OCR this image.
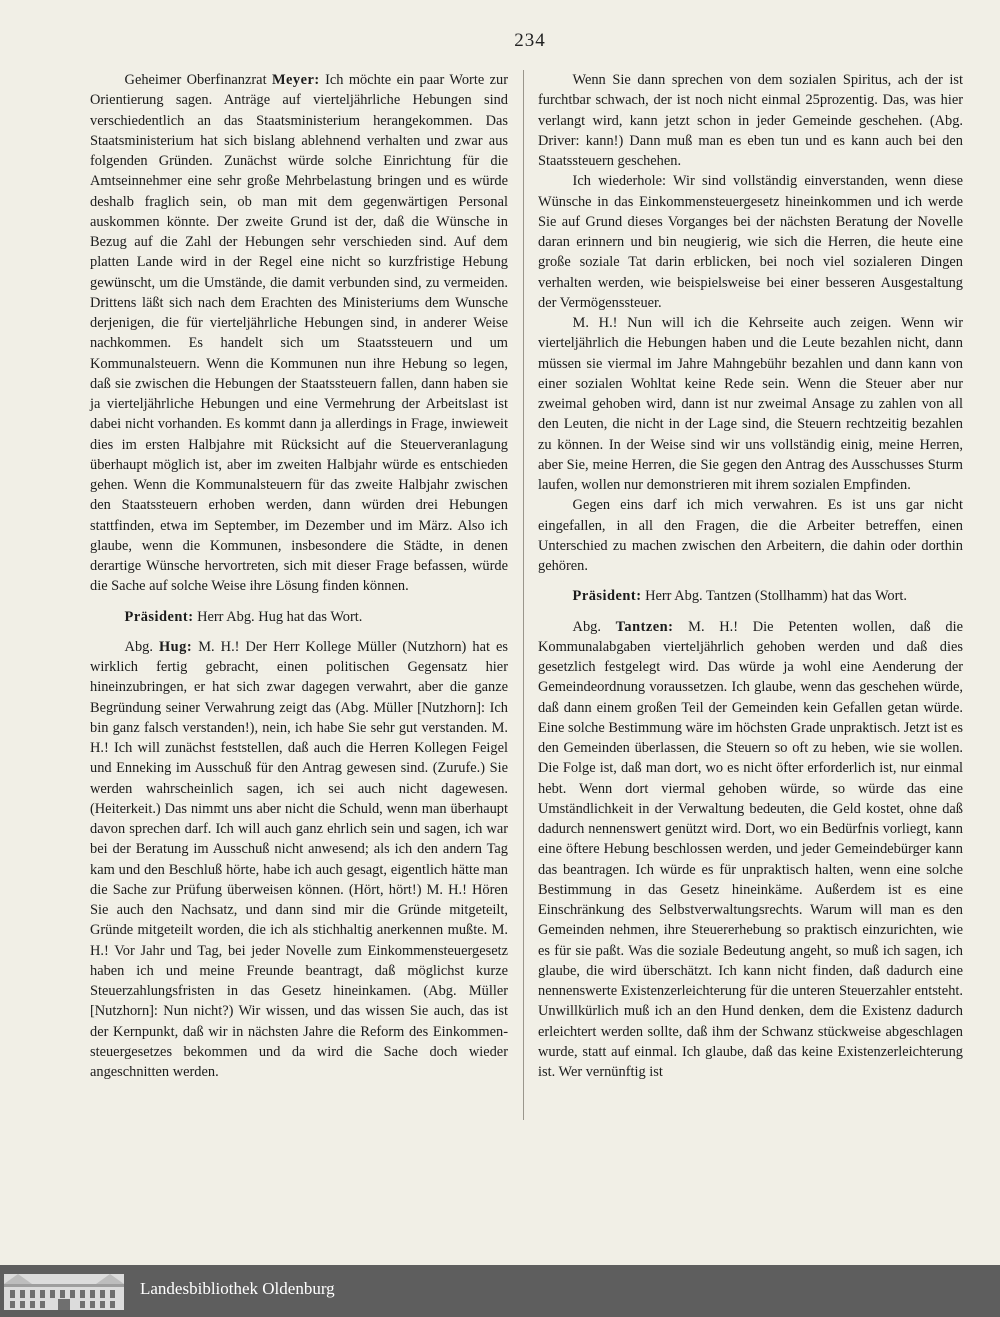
234

Geheimer Oberfinanzrat Meyer: Ich möchte ein paar Worte zur Orientierung sagen. Anträge auf vierteljährliche Hebungen sind verschiedentlich an das Staatsministerium herangekommen. Das Staatsministerium hat sich bislang ablehnend verhalten und zwar aus folgenden Gründen. Zunächst würde solche Einrichtung für die Amtseinnehmer eine sehr große Mehrbelastung bringen und es würde deshalb fraglich sein, ob man mit dem gegenwärtigen Personal auskommen könnte. Der zweite Grund ist der, daß die Wünsche in Bezug auf die Zahl der Hebungen sehr verschieden sind. Auf dem platten Lande wird in der Regel eine nicht so kurzfristige Hebung gewünscht, um die Umstände, die damit verbunden sind, zu vermeiden. Drittens läßt sich nach dem Erachten des Ministeriums dem Wunsche derjenigen, die für vierteljährliche Hebungen sind, in anderer Weise nachkommen. Es handelt sich um Staatssteuern und um Kommunalsteuern. Wenn die Kommunen nun ihre Hebung so legen, daß sie zwischen die Hebungen der Staatssteuern fallen, dann haben sie ja vierteljährliche Hebungen und eine Vermehrung der Arbeitslast ist dabei nicht vorhanden. Es kommt dann ja allerdings in Frage, inwieweit dies im ersten Halbjahre mit Rücksicht auf die Steuerveranlagung überhaupt möglich ist, aber im zweiten Halbjahr würde es entschieden gehen. Wenn die Kommunalsteuern für das zweite Halbjahr zwischen den Staatssteuern erhoben werden, dann würden drei Hebungen stattfinden, etwa im September, im Dezember und im März. Also ich glaube, wenn die Kommunen, insbesondere die Städte, in denen derartige Wünsche hervortreten, sich mit dieser Frage befassen, würde die Sache auf solche Weise ihre Lösung finden können.

Präsident: Herr Abg. Hug hat das Wort.

Abg. Hug: M. H.! Der Herr Kollege Müller (Nutzhorn) hat es wirklich fertig gebracht, einen politischen Gegensatz hier hineinzubringen, er hat sich zwar dagegen verwahrt, aber die ganze Begründung seiner Verwahrung zeigt das (Abg. Müller [Nutzhorn]: Ich bin ganz falsch verstanden!), nein, ich habe Sie sehr gut verstanden. M. H.! Ich will zunächst feststellen, daß auch die Herren Kollegen Feigel und Enneking im Ausschuß für den Antrag gewesen sind. (Zurufe.) Sie werden wahrscheinlich sagen, ich sei auch nicht dagewesen. (Heiterkeit.) Das nimmt uns aber nicht die Schuld, wenn man überhaupt davon sprechen darf. Ich will auch ganz ehrlich sein und sagen, ich war bei der Beratung im Ausschuß nicht anwesend; als ich den andern Tag kam und den Beschluß hörte, habe ich auch gesagt, eigentlich hätte man die Sache zur Prüfung überweisen können. (Hört, hört!) M. H.! Hören Sie auch den Nachsatz, und dann sind mir die Gründe mitgeteilt, Gründe mitgeteilt worden, die ich als stichhaltig anerkennen mußte. M. H.! Vor Jahr und Tag, bei jeder Novelle zum Einkommensteuergesetz haben ich und meine Freunde beantragt, daß möglichst kurze Steuerzahlungsfristen in das Gesetz hineinkamen. (Abg. Müller [Nutzhorn]: Nun nicht?) Wir wissen, und das wissen Sie auch, das ist der Kernpunkt, daß wir in nächsten Jahre die Reform des Einkommensteuergesetzes bekommen und da wird die Sache doch wieder angeschnitten werden.

Wenn Sie dann sprechen von dem sozialen Spiritus, ach der ist furchtbar schwach, der ist noch nicht einmal 25prozentig. Das, was hier verlangt wird, kann jetzt schon in jeder Gemeinde geschehen. (Abg. Driver: kann!) Dann muß man es eben tun und es kann auch bei den Staatssteuern geschehen.

Ich wiederhole: Wir sind vollständig einverstanden, wenn diese Wünsche in das Einkommensteuergesetz hineinkommen und ich werde Sie auf Grund dieses Vorganges bei der nächsten Beratung der Novelle daran erinnern und bin neugierig, wie sich die Herren, die heute eine große soziale Tat darin erblicken, bei noch viel sozialeren Dingen verhalten werden, wie beispielsweise bei einer besseren Ausgestaltung der Vermögenssteuer.

M. H.! Nun will ich die Kehrseite auch zeigen. Wenn wir vierteljährlich die Hebungen haben und die Leute bezahlen nicht, dann müssen sie viermal im Jahre Mahngebühr bezahlen und dann kann von einer sozialen Wohltat keine Rede sein. Wenn die Steuer aber nur zweimal gehoben wird, dann ist nur zweimal Ansage zu zahlen von all den Leuten, die nicht in der Lage sind, die Steuern rechtzeitig bezahlen zu können. In der Weise sind wir uns vollständig einig, meine Herren, aber Sie, meine Herren, die Sie gegen den Antrag des Ausschusses Sturm laufen, wollen nur demonstrieren mit ihrem sozialen Empfinden.

Gegen eins darf ich mich verwahren. Es ist uns gar nicht eingefallen, in all den Fragen, die die Arbeiter betreffen, einen Unterschied zu machen zwischen den Arbeitern, die dahin oder dorthin gehören.

Präsident: Herr Abg. Tantzen (Stollhamm) hat das Wort.

Abg. Tantzen: M. H.! Die Petenten wollen, daß die Kommunalabgaben vierteljährlich gehoben werden und daß dies gesetzlich festgelegt wird. Das würde ja wohl eine Aenderung der Gemeindeordnung voraussetzen. Ich glaube, wenn das geschehen würde, daß dann einem großen Teil der Gemeinden kein Gefallen getan würde. Eine solche Bestimmung wäre im höchsten Grade unpraktisch. Jetzt ist es den Gemeinden überlassen, die Steuern so oft zu heben, wie sie wollen. Die Folge ist, daß man dort, wo es nicht öfter erforderlich ist, nur einmal hebt. Wenn dort viermal gehoben würde, so würde das eine Umständlichkeit in der Verwaltung bedeuten, die Geld kostet, ohne daß dadurch nennenswert genützt wird. Dort, wo ein Bedürfnis vorliegt, kann eine öftere Hebung beschlossen werden, und jeder Gemeindebürger kann das beantragen. Ich würde es für unpraktisch halten, wenn eine solche Bestimmung in das Gesetz hineinkäme. Außerdem ist es eine Einschränkung des Selbstverwaltungsrechts. Warum will man es den Gemeinden nehmen, ihre Steuererhebung so praktisch einzurichten, wie es für sie paßt. Was die soziale Bedeutung angeht, so muß ich sagen, ich glaube, die wird überschätzt. Ich kann nicht finden, daß dadurch eine nennenswerte Existenzerleichterung für die unteren Steuerzahler entsteht. Unwillkürlich muß ich an den Hund denken, dem die Existenz dadurch erleichtert werden sollte, daß ihm der Schwanz stückweise abgeschlagen wurde, statt auf einmal. Ich glaube, daß das keine Existenzerleichterung ist. Wer vernünftig ist

Landesbibliothek Oldenburg
